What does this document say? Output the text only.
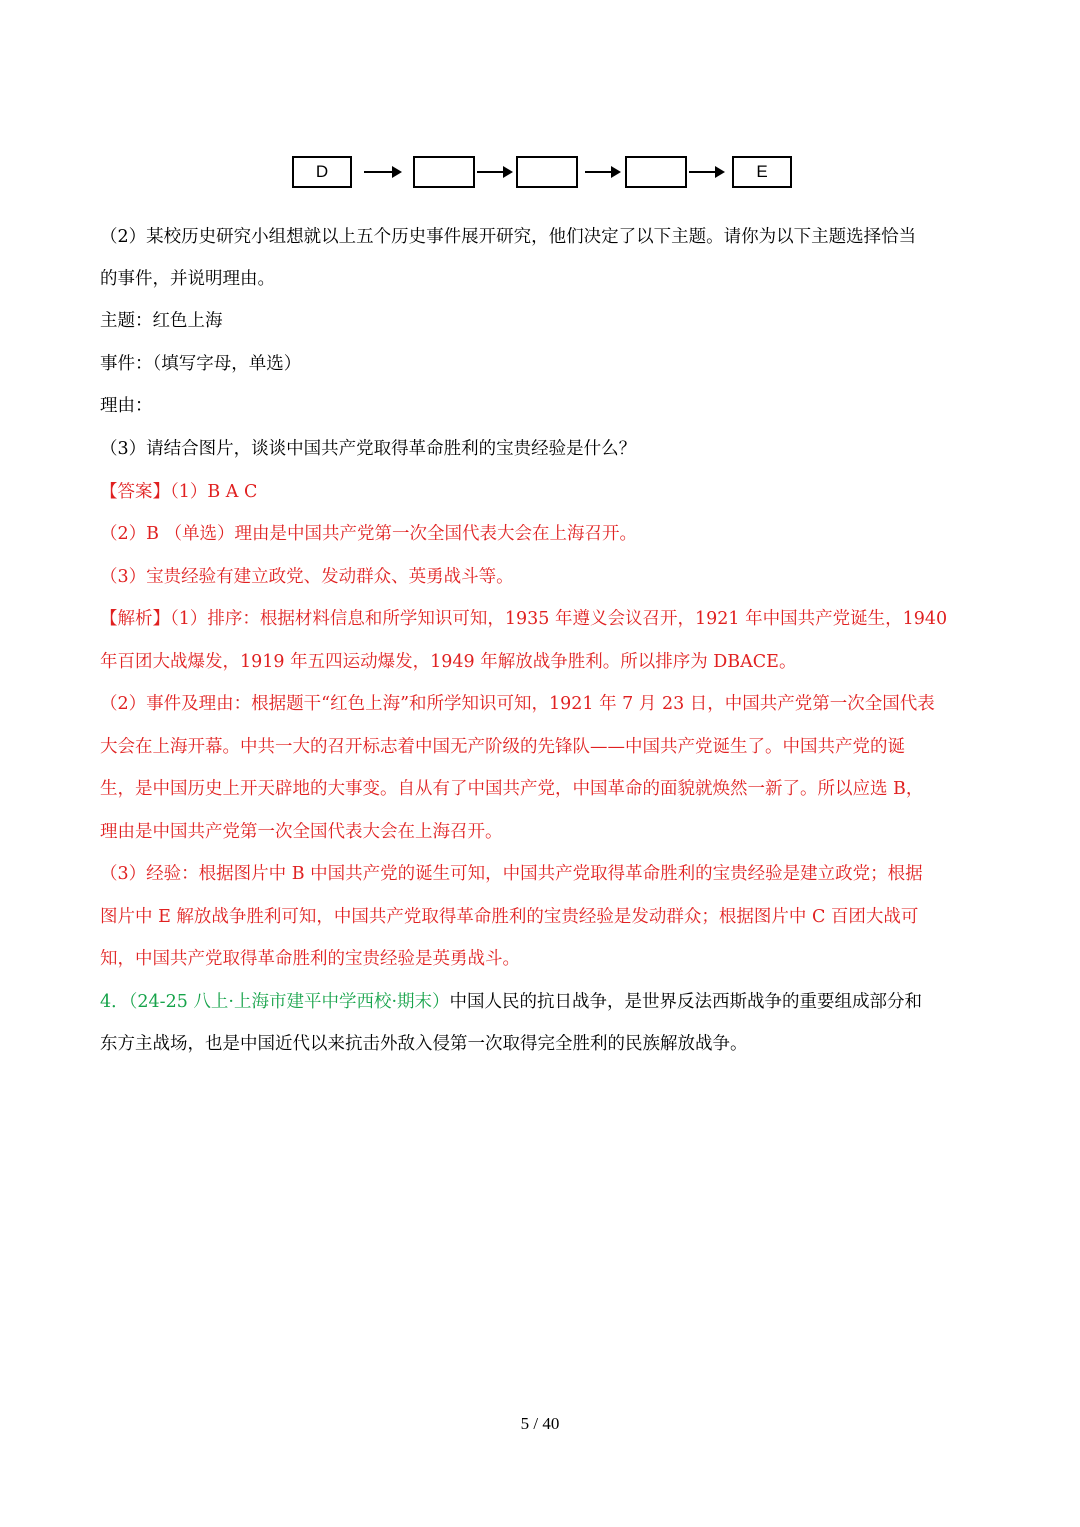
D	E
（2）某校历史研究小组想就以上五个历史事件展开研究，他们决定了以下主题。请你为以下主题选择恰当
的事件，并说明理由。
主题：红色上海
事件：（填写字母，单选）
理由：
（3）请结合图片，谈谈中国共产党取得革命胜利的宝贵经验是什么？
【答案】（1）B A C
（2）B （单选）理由是中国共产党第一次全国代表大会在上海召开。
（3）宝贵经验有建立政党、发动群众、英勇战斗等。
【解析】（1）排序：根据材料信息和所学知识可知，1935 年遵义会议召开，1921 年中国共产党诞生，1940
年百团大战爆发，1919 年五四运动爆发，1949 年解放战争胜利。所以排序为 DBACE。
（2）事件及理由：根据题干“红色上海”和所学知识可知，1921 年 7 月 23 日，中国共产党第一次全国代表
大会在上海开幕。中共一大的召开标志着中国无产阶级的先锋队——中国共产党诞生了。中国共产党的诞
生，是中国历史上开天辟地的大事变。自从有了中国共产党，中国革命的面貌就焕然一新了。所以应选 B，
理由是中国共产党第一次全国代表大会在上海召开。
（3）经验：根据图片中 B 中国共产党的诞生可知，中国共产党取得革命胜利的宝贵经验是建立政党；根据
图片中 E 解放战争胜利可知，中国共产党取得革命胜利的宝贵经验是发动群众；根据图片中 C 百团大战可
知，中国共产党取得革命胜利的宝贵经验是英勇战斗。
4．（24-25 八上·上海市建平中学西校·期末）中国人民的抗日战争，是世界反法西斯战争的重要组成部分和
东方主战场，也是中国近代以来抗击外敌入侵第一次取得完全胜利的民族解放战争。
5 / 40
